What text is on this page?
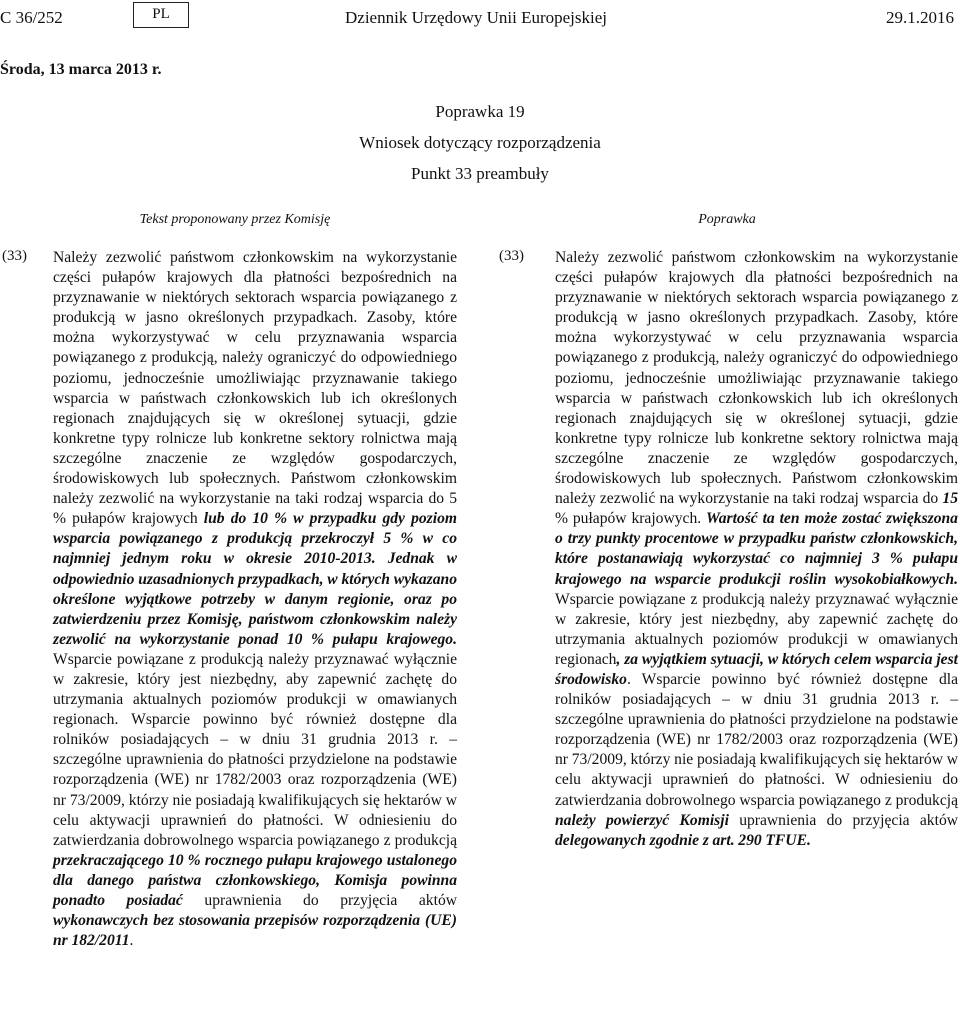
C 36/252	PL	Dziennik Urzędowy Unii Europejskiej	29.1.2016
Środa, 13 marca 2013 r.
Poprawka 19
Wniosek dotyczący rozporządzenia
Punkt 33 preambuły
Tekst proponowany przez Komisję	Poprawka
(33) Należy zezwolić państwom członkowskim na wykorzystanie części pułapów krajowych dla płatności bezpośrednich na przyznawanie w niektórych sektorach wsparcia powiązanego z produkcją w jasno określonych przypadkach. Zasoby, które można wykorzystywać w celu przyznawania wsparcia powiązanego z produkcją, należy ograniczyć do odpowiedniego poziomu, jednocześnie umożliwiając przyznawanie takiego wsparcia w państwach członkowskich lub ich określonych regionach znajdujących się w określonej sytuacji, gdzie konkretne typy rolnicze lub konkretne sektory rolnictwa mają szczególne znaczenie ze względów gospodarczych, środowiskowych lub społecznych. Państwom członkowskim należy zezwolić na wykorzystanie na taki rodzaj wsparcia do 5 % pułapów krajowych lub do 10 % w przypadku gdy poziom wsparcia powiązanego z produkcją przekroczył 5 % w co najmniej jednym roku w okresie 2010-2013. Jednak w odpowiednio uzasadnionych przypadkach, w których wykazano określone wyjątkowe potrzeby w danym regionie, oraz po zatwierdzeniu przez Komisję, państwom członkowskim należy zezwolić na wykorzystanie ponad 10 % pułapu krajowego. Wsparcie powiązane z produkcją należy przyznawać wyłącznie w zakresie, który jest niezbędny, aby zapewnić zachętę do utrzymania aktualnych poziomów produkcji w omawianych regionach. Wsparcie powinno być również dostępne dla rolników posiadających – w dniu 31 grudnia 2013 r. – szczególne uprawnienia do płatności przydzielone na podstawie rozporządzenia (WE) nr 1782/2003 oraz rozporządzenia (WE) nr 73/2009, którzy nie posiadają kwalifikujących się hektarów w celu aktywacji uprawnień do płatności. W odniesieniu do zatwierdzania dobrowolnego wsparcia powiązanego z produkcją przekraczającego 10 % rocznego pułapu krajowego ustalonego dla danego państwa członkowskiego, Komisja powinna ponadto posiadać uprawnienia do przyjęcia aktów wykonawczych bez stosowania przepisów rozporządzenia (UE) nr 182/2011.
(33) Należy zezwolić państwom członkowskim na wykorzystanie części pułapów krajowych dla płatności bezpośrednich na przyznawanie w niektórych sektorach wsparcia powiązanego z produkcją w jasno określonych przypadkach. Zasoby, które można wykorzystywać w celu przyznawania wsparcia powiązanego z produkcją, należy ograniczyć do odpowiedniego poziomu, jednocześnie umożliwiając przyznawanie takiego wsparcia w państwach członkowskich lub ich określonych regionach znajdujących się w określonej sytuacji, gdzie konkretne typy rolnicze lub konkretne sektory rolnictwa mają szczególne znaczenie ze względów gospodarczych, środowiskowych lub społecznych. Państwom członkowskim należy zezwolić na wykorzystanie na taki rodzaj wsparcia do 15 % pułapów krajowych. Wartość ta ten może zostać zwiększona o trzy punkty procentowe w przypadku państw członkowskich, które postanawiają wykorzystać co najmniej 3 % pułapu krajowego na wsparcie produkcji roślin wysokobiałkowych. Wsparcie powiązane z produkcją należy przyznawać wyłącznie w zakresie, który jest niezbędny, aby zapewnić zachętę do utrzymania aktualnych poziomów produkcji w omawianych regionach, za wyjątkiem sytuacji, w których celem wsparcia jest środowisko. Wsparcie powinno być również dostępne dla rolników posiadających – w dniu 31 grudnia 2013 r. – szczególne uprawnienia do płatności przydzielone na podstawie rozporządzenia (WE) nr 1782/2003 oraz rozporządzenia (WE) nr 73/2009, którzy nie posiadają kwalifikujących się hektarów w celu aktywacji uprawnień do płatności. W odniesieniu do zatwierdzania dobrowolnego wsparcia powiązanego z produkcją należy powierzyć Komisji uprawnienia do przyjęcia aktów delegowanych zgodnie z art. 290 TFUE.
